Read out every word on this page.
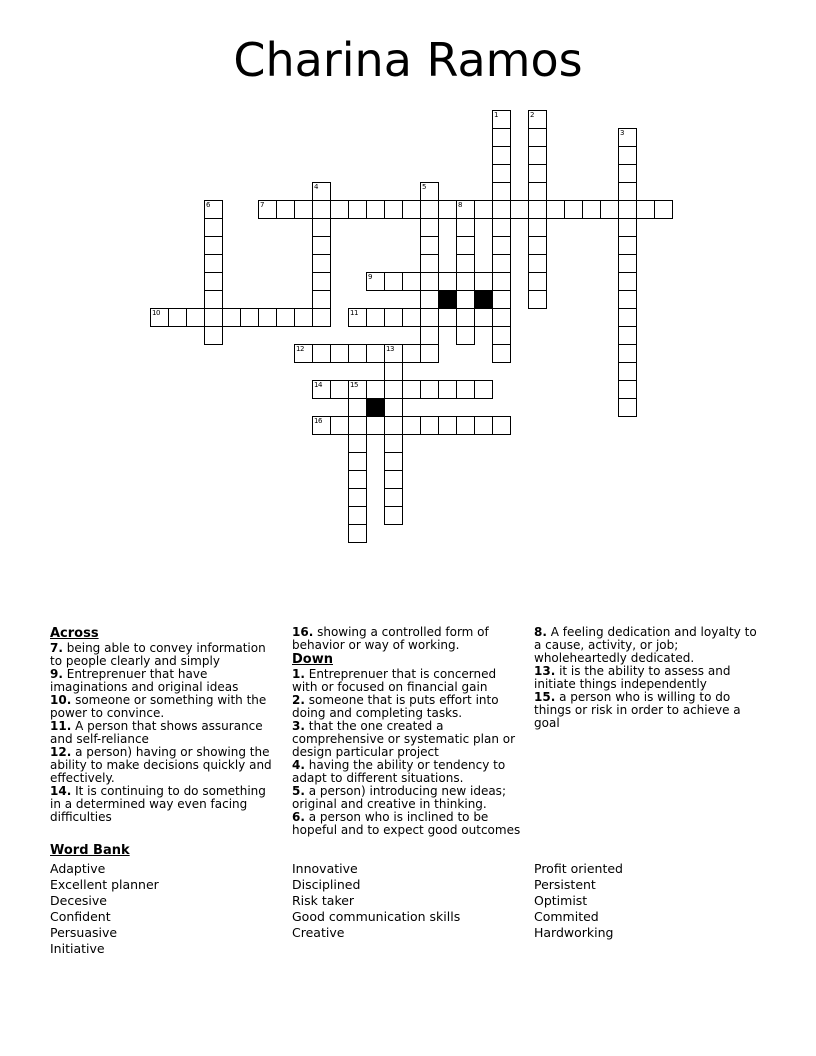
Charina Ramos
1	2
3
4	5
6	7	8
9
10	11
12	13
14	15
16
Across

7. being able to convey information to people clearly and simply

9. Entreprenuer that have imaginations and original ideas

10. someone or something with the power to convince.

11. A person that shows assurance and self-reliance

12. a person) having or showing the ability to make decisions quickly and effectively.

14. It is continuing to do something in a determined way even facing difficulties

16. showing a controlled form of behavior or way of working.

Down

1. Entreprenuer that is concerned with or focused on financial gain

2. someone that is puts effort into doing and completing tasks.

3. that the one created a comprehensive or systematic plan or design particular project

4. having the ability or tendency to adapt to different situations.

5. a person) introducing new ideas; original and creative in thinking.

6. a person who is inclined to be hopeful and to expect good outcomes

8. A feeling dedication and loyalty to a cause, activity, or job; wholeheartedly dedicated.

13. it is the ability to assess and initiate things independently

15. a person who is willing to do things or risk in order to achieve a goal

Word Bank
Adaptive
Excellent planner
Decesive
Confident
Persuasive
Initiative
Innovative
Disciplined
Risk taker
Good communication skills
Creative
Profit oriented
Persistent
Optimist
Commited
Hardworking
